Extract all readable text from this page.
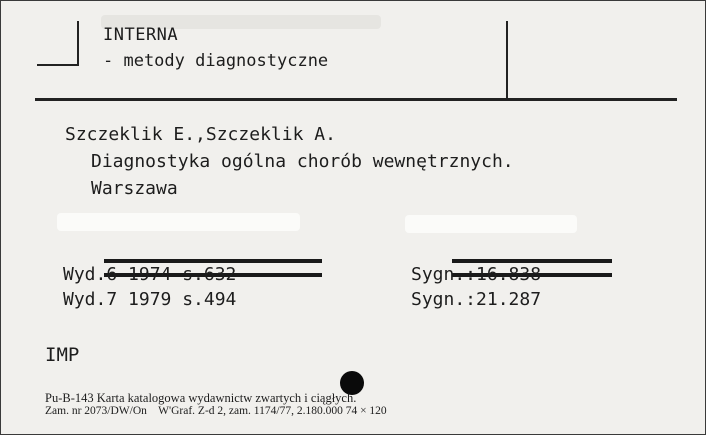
INTERNA
- metody diagnostyczne
Szczeklik E.,Szczeklik A.
Diagnostyka ogólna chorób wewnętrznych.
Warszawa

Wyd.6 1974 s.632
Wyd.7 1979 s.494
Sygn.:16.838
Sygn.:21.287
IMP
Pu-B-143 Karta katalogowa wydawnictw zwartych i ciągłych.
Zam. nr 2073/DW/On    W'Graf. Z-d 2, zam. 1174/77, 2.180.000 74 × 120
